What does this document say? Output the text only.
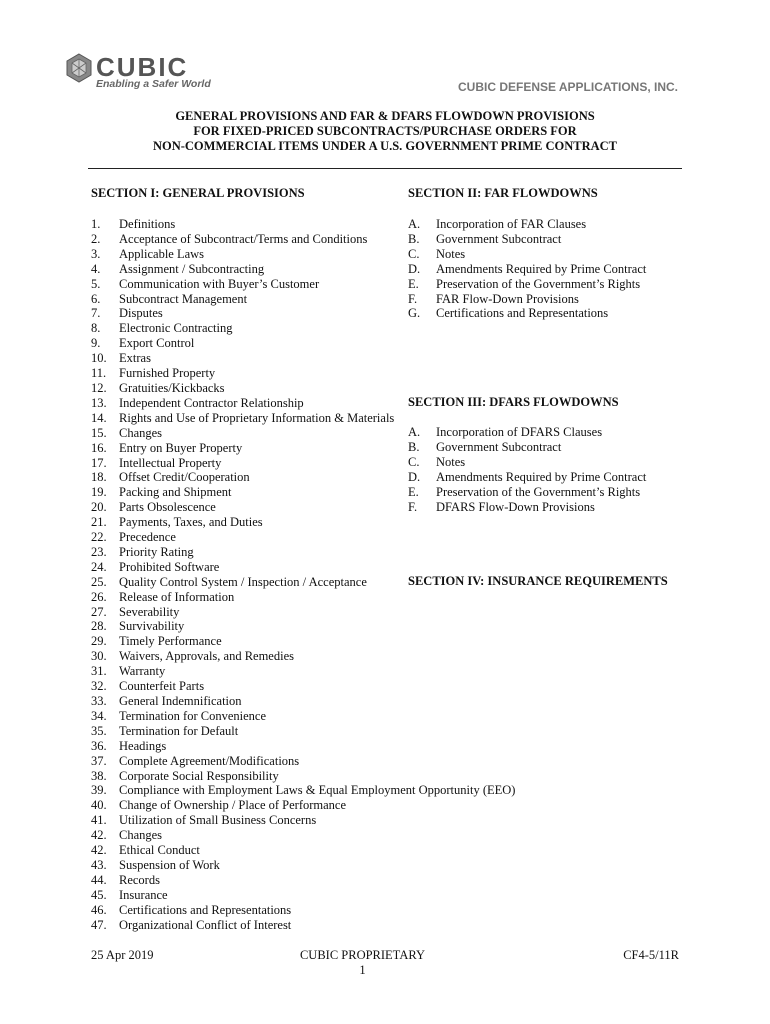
CUBIC
Enabling a Safer World	CUBIC DEFENSE APPLICATIONS, INC.
GENERAL PROVISIONS AND FAR & DFARS FLOWDOWN PROVISIONS
FOR FIXED-PRICED SUBCONTRACTS/PURCHASE ORDERS FOR
NON-COMMERCIAL ITEMS UNDER A U.S. GOVERNMENT PRIME CONTRACT
SECTION I: GENERAL PROVISIONS
1. Definitions
2. Acceptance of Subcontract/Terms and Conditions
3. Applicable Laws
4. Assignment / Subcontracting
5. Communication with Buyer’s Customer
6. Subcontract Management
7. Disputes
8. Electronic Contracting
9. Export Control
10. Extras
11. Furnished Property
12. Gratuities/Kickbacks
13. Independent Contractor Relationship
14. Rights and Use of Proprietary Information & Materials
15. Changes
16. Entry on Buyer Property
17. Intellectual Property
18. Offset Credit/Cooperation
19. Packing and Shipment
20. Parts Obsolescence
21. Payments, Taxes, and Duties
22. Precedence
23. Priority Rating
24. Prohibited Software
25. Quality Control System / Inspection / Acceptance
26. Release of Information
27. Severability
28. Survivability
29. Timely Performance
30. Waivers, Approvals, and Remedies
31. Warranty
32. Counterfeit Parts
33. General Indemnification
34. Termination for Convenience
35. Termination for Default
36. Headings
37. Complete Agreement/Modifications
38. Corporate Social Responsibility
39. Compliance with Employment Laws & Equal Employment Opportunity (EEO)
40. Change of Ownership / Place of Performance
41. Utilization of Small Business Concerns
42. Changes
42. Ethical Conduct
43. Suspension of Work
44. Records
45. Insurance
46. Certifications and Representations
47. Organizational Conflict of Interest
SECTION II: FAR FLOWDOWNS
A. Incorporation of FAR Clauses
B. Government Subcontract
C. Notes
D. Amendments Required by Prime Contract
E. Preservation of the Government’s Rights
F. FAR Flow-Down Provisions
G. Certifications and Representations
SECTION III: DFARS FLOWDOWNS
A. Incorporation of DFARS Clauses
B. Government Subcontract
C. Notes
D. Amendments Required by Prime Contract
E. Preservation of the Government’s Rights
F. DFARS Flow-Down Provisions
SECTION IV: INSURANCE REQUIREMENTS
25 Apr 2019	CUBIC PROPRIETARY
1
CF4-5/11R
